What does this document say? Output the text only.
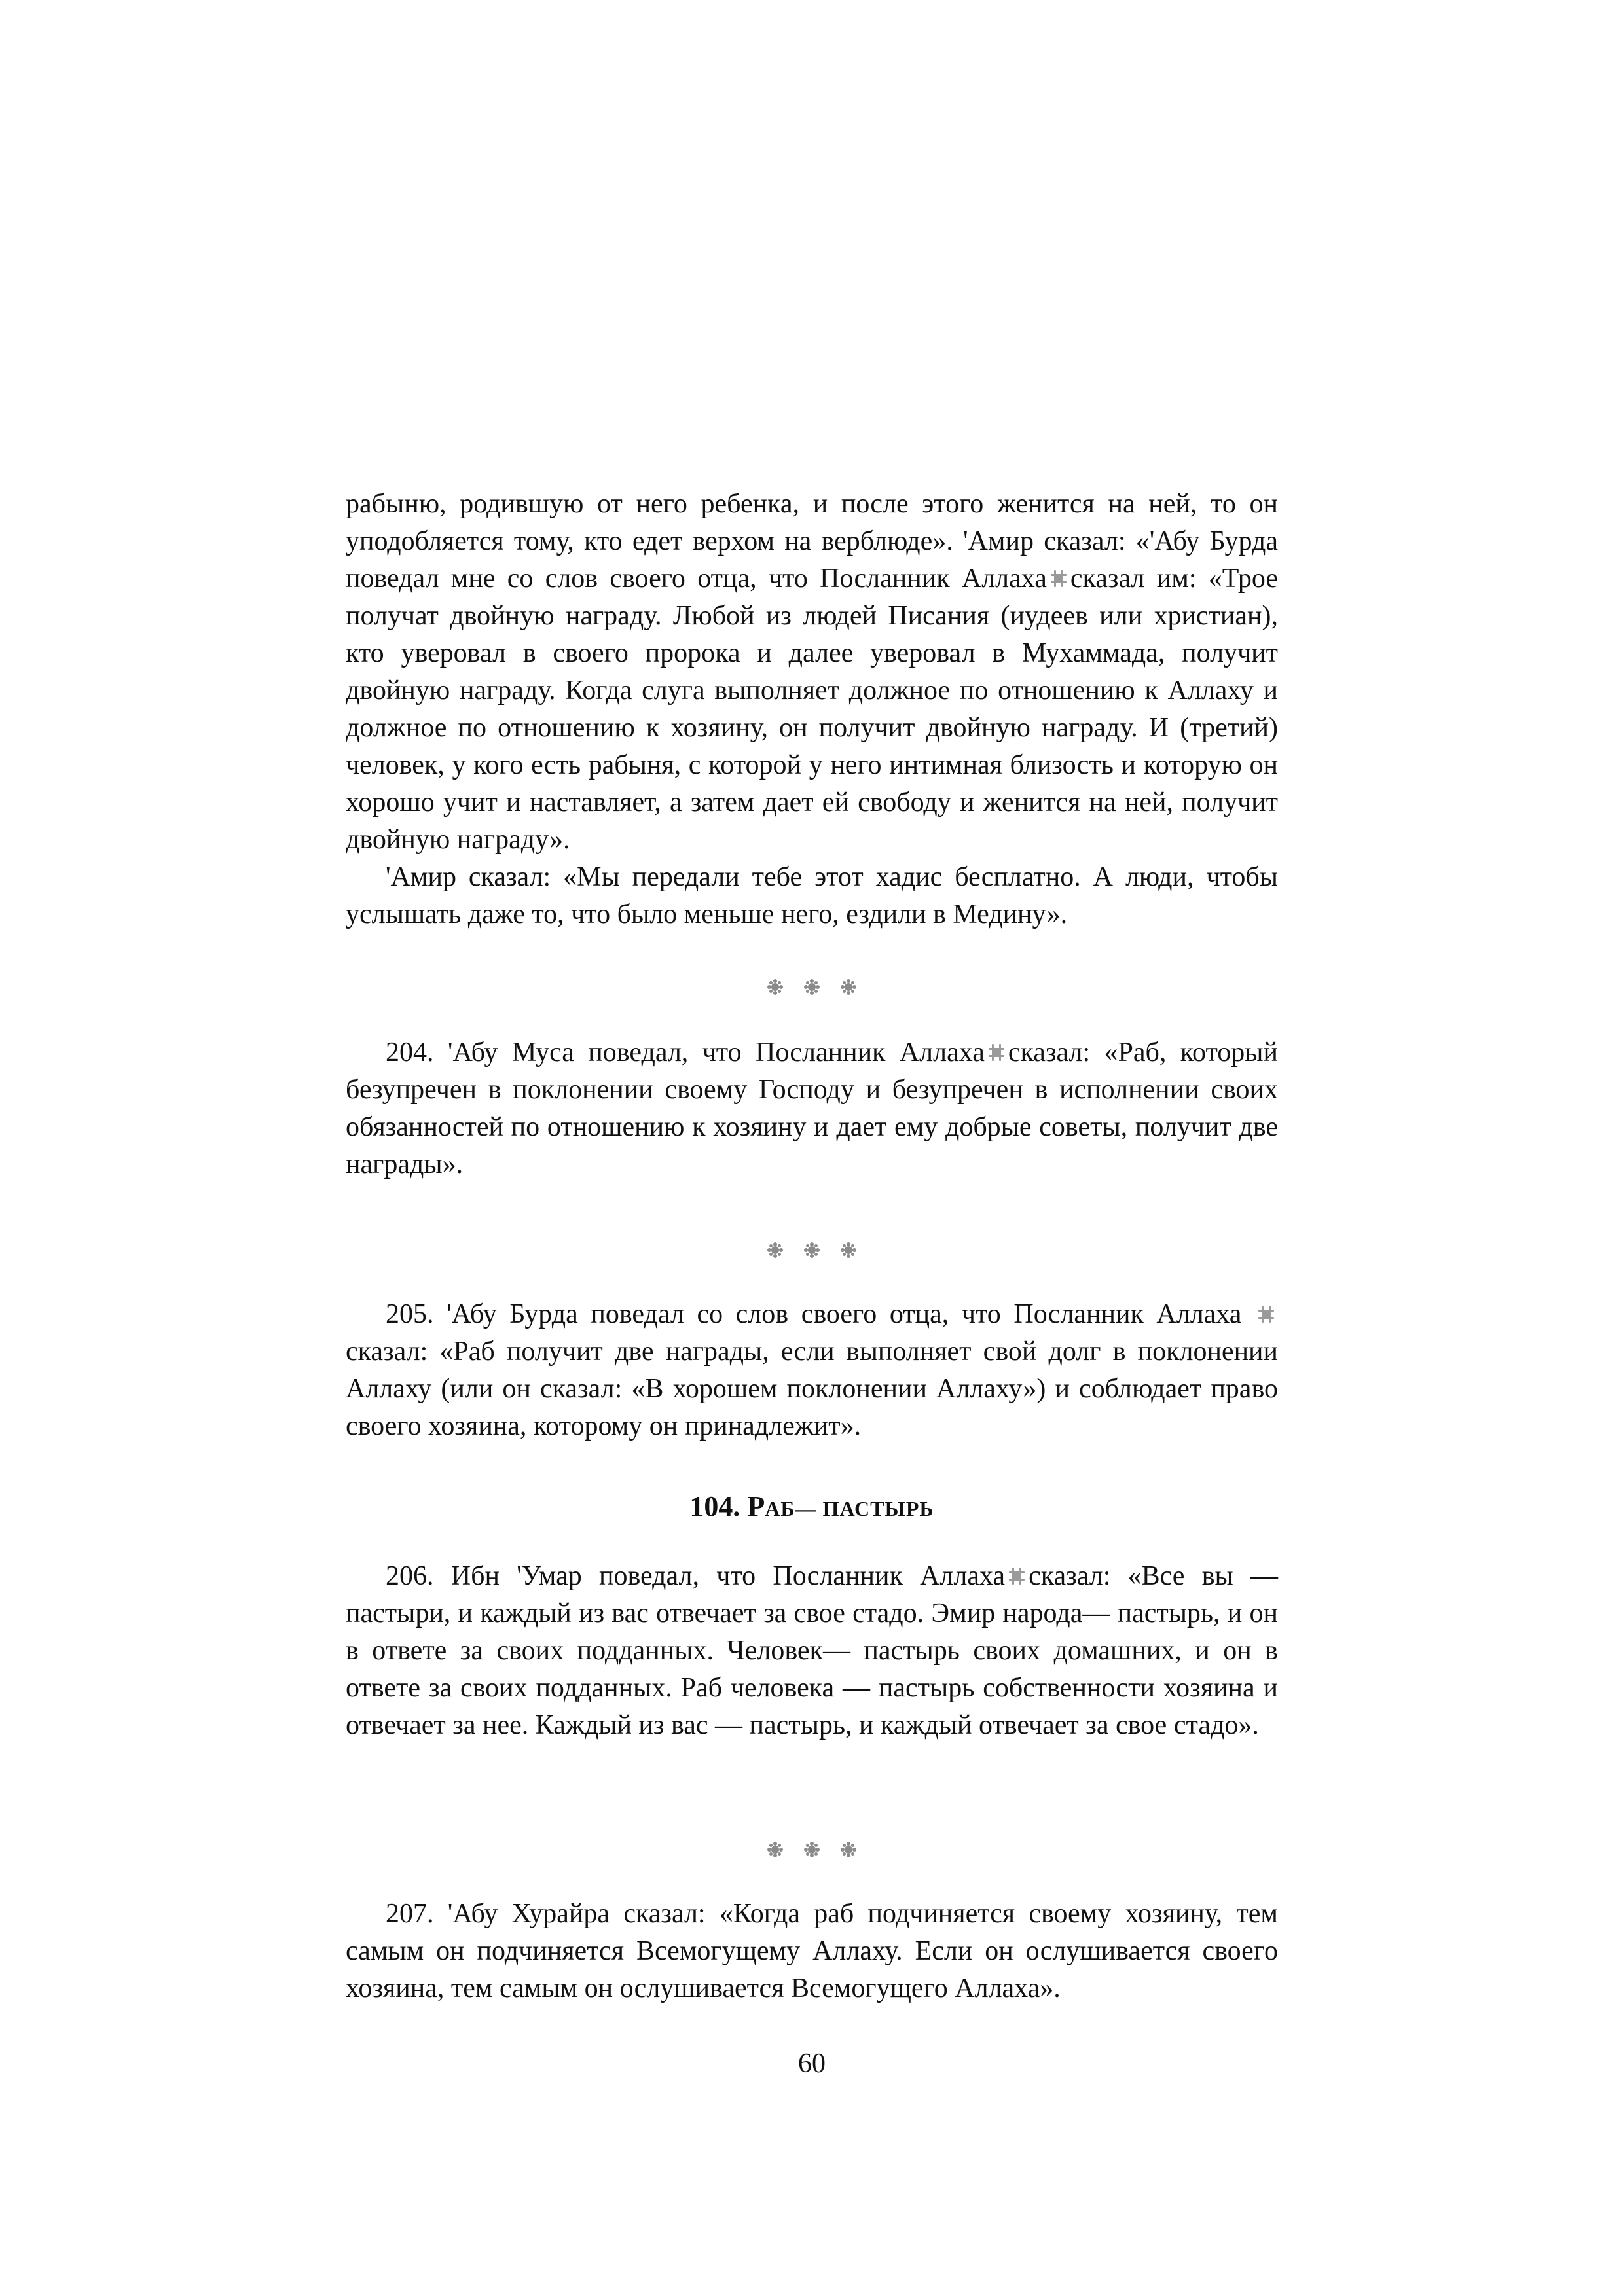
рабыню, родившую от него ребенка, и после этого женится на ней, то он уподобляется тому, кто едет верхом на верблюде». 'Амир сказал: «'Абу Бурда поведал мне со слов своего отца, что Посланник Аллаха сказал им: «Трое получат двойную награду. Любой из людей Писания (иудеев или христиан), кто уверовал в своего пророка и далее уверовал в Мухаммада, получит двойную награду. Когда слуга выполняет должное по отношению к Аллаху и должное по отношению к хозяину, он получит двойную награду. И (третий) человек, у кого есть рабыня, с которой у него интимная близость и которую он хорошо учит и наставляет, а затем дает ей свободу и женится на ней, получит двойную награду».

'Амир сказал: «Мы передали тебе этот хадис бесплатно. А люди, чтобы услышать даже то, что было меньше него, ездили в Медину».

204. 'Абу Муса поведал, что Посланник Аллаха сказал: «Раб, который безупречен в поклонении своему Господу и безупречен в исполнении своих обязанностей по отношению к хозяину и дает ему добрые советы, получит две награды».

205. 'Абу Бурда поведал со слов своего отца, что Посланник Аллаха  сказал: «Раб получит две награды, если выполняет свой долг в поклонении Аллаху (или он сказал: «В хорошем поклонении Аллаху») и соблюдает право своего хозяина, которому он принадлежит».

104. РАБ— ПАСТЫРЬ

206. Ибн 'Умар поведал, что Посланник Аллаха сказал: «Все вы — пастыри, и каждый из вас отвечает за свое стадо. Эмир народа— пастырь, и он в ответе за своих подданных. Человек— пастырь своих домашних, и он в ответе за своих подданных. Раб человека — пастырь собственности хозяина и отвечает за нее. Каждый из вас — пастырь, и каждый отвечает за свое стадо».

207. 'Абу Хурайра сказал: «Когда раб подчиняется своему хозяину, тем самым он подчиняется Всемогущему Аллаху. Если он ослушивается своего хозяина, тем самым он ослушивается Всемогущего Аллаха».

60
